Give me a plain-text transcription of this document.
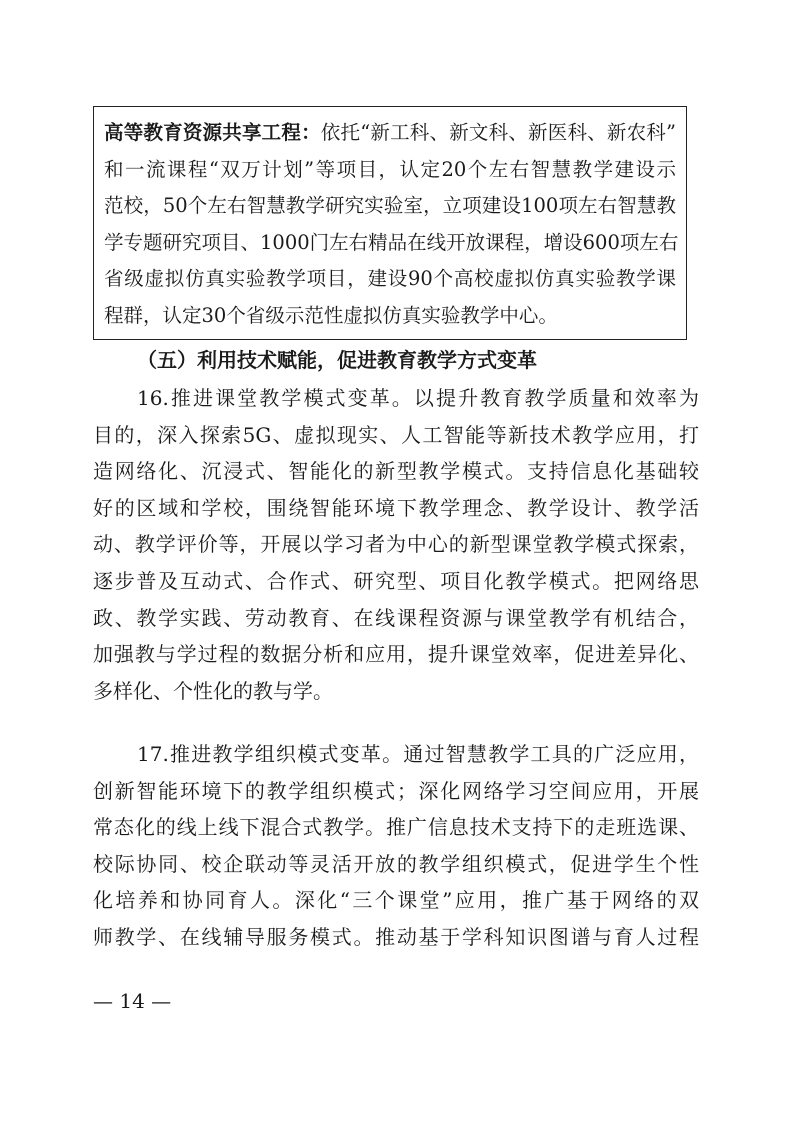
高等教育资源共享工程：依托“新工科、新文科、新医科、新农科”
和一流课程“双万计划”等项目，认定20个左右智慧教学建设示
范校，50个左右智慧教学研究实验室，立项建设100项左右智慧教
学专题研究项目、1000门左右精品在线开放课程，增设600项左右
省级虚拟仿真实验教学项目，建设90个高校虚拟仿真实验教学课
程群，认定30个省级示范性虚拟仿真实验教学中心。
（五）利用技术赋能，促进教育教学方式变革
16.推进课堂教学模式变革。以提升教育教学质量和效率为
目的，深入探索5G、虚拟现实、人工智能等新技术教学应用，打
造网络化、沉浸式、智能化的新型教学模式。支持信息化基础较
好的区域和学校，围绕智能环境下教学理念、教学设计、教学活
动、教学评价等，开展以学习者为中心的新型课堂教学模式探索，
逐步普及互动式、合作式、研究型、项目化教学模式。把网络思
政、教学实践、劳动教育、在线课程资源与课堂教学有机结合，
加强教与学过程的数据分析和应用，提升课堂效率，促进差异化、
多样化、个性化的教与学。
17.推进教学组织模式变革。通过智慧教学工具的广泛应用，
创新智能环境下的教学组织模式；深化网络学习空间应用，开展
常态化的线上线下混合式教学。推广信息技术支持下的走班选课、
校际协同、校企联动等灵活开放的教学组织模式，促进学生个性
化培养和协同育人。深化“三个课堂”应用，推广基于网络的双
师教学、在线辅导服务模式。推动基于学科知识图谱与育人过程
— 14 —
